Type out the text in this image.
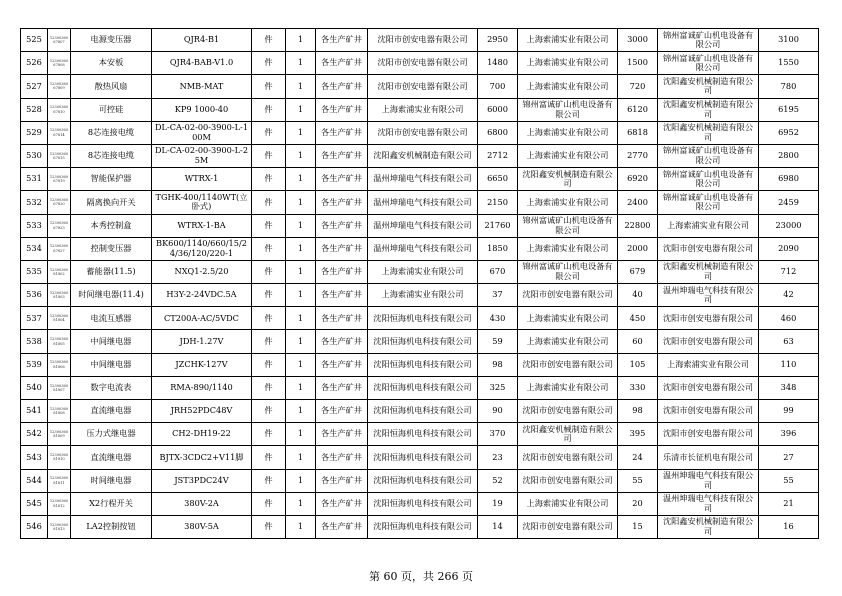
525	1230036067807	电源变压器	QJR4-B1	件	1	各生产矿井	沈阳市创安电器有限公司	2950	上海索浦实业有限公司	3000	锦州富诚矿山机电设备有限公司	3100
526	1230036067808	本安板	QJR4-BAB-V1.0	件	1	各生产矿井	沈阳市创安电器有限公司	1480	上海索浦实业有限公司	1500	锦州富诚矿山机电设备有限公司	1550
527	1230036067809	散热风扇	NMB-MAT	件	1	各生产矿井	沈阳市创安电器有限公司	700	上海索浦实业有限公司	720	沈阳鑫安机械制造有限公司	780
528	1230036067810	可控硅	KP9 1000-40	件	1	各生产矿井	上海索浦实业有限公司	6000	锦州富诚矿山机电设备有限公司	6120	沈阳鑫安机械制造有限公司	6195
529	1230036067814	8芯连接电缆	DL-CA-02-00-3900-L-100M	件	1	各生产矿井	沈阳市创安电器有限公司	6800	上海索浦实业有限公司	6818	沈阳鑫安机械制造有限公司	6952
530	1230036067815	8芯连接电缆	DL-CA-02-00-3900-L-25M	件	1	各生产矿井	沈阳鑫安机械制造有限公司	2712	上海索浦实业有限公司	2770	锦州富诚矿山机电设备有限公司	2800
531	1230036067819	智能保护器	WTRX-1	件	1	各生产矿井	温州坤瑞电气科技有限公司	6650	沈阳鑫安机械制造有限公司	6920	锦州富诚矿山机电设备有限公司	6980
532	1230036067820	隔离换向开关	TGHK-400/1140WT(立卧式)	件	1	各生产矿井	温州坤瑞电气科技有限公司	2150	上海索浦实业有限公司	2400	锦州富诚矿山机电设备有限公司	2459
533	1230036067823	本秀控制盒	WTRX-1-BA	件	1	各生产矿井	温州坤瑞电气科技有限公司	21760	锦州富诚矿山机电设备有限公司	22800	上海索浦实业有限公司	23000
534	1230036067827	控制变压器	BK600/1140/660/15/24/36/120/220-1	件	1	各生产矿井	温州坤瑞电气科技有限公司	1850	上海索浦实业有限公司	2000	沈阳市创安电器有限公司	2090
535	1230036081802	蓄能器(11.5)	NXQ1-2.5/20	件	1	各生产矿井	上海索浦实业有限公司	670	锦州富诚矿山机电设备有限公司	679	沈阳鑫安机械制造有限公司	712
536	1230036081803	时间继电器(11.4)	H3Y-2-24VDC.5A	件	1	各生产矿井	上海索浦实业有限公司	37	沈阳市创安电器有限公司	40	温州坤瑞电气科技有限公司	42
537	1230036081804	电流互感器	CT200A-AC/5VDC	件	1	各生产矿井	沈阳恒海机电科技有限公司	430	上海索浦实业有限公司	450	沈阳市创安电器有限公司	460
538	1230036081805	中间继电器	JDH-1.27V	件	1	各生产矿井	沈阳恒海机电科技有限公司	59	上海索浦实业有限公司	60	沈阳市创安电器有限公司	63
539	1230036081806	中间继电器	JZCHK-127V	件	1	各生产矿井	沈阳恒海机电科技有限公司	98	沈阳市创安电器有限公司	105	上海索浦实业有限公司	110
540	1230036081807	数字电流表	RMA-890/1140	件	1	各生产矿井	沈阳恒海机电科技有限公司	325	上海索浦实业有限公司	330	沈阳市创安电器有限公司	348
541	1230036081808	直流继电器	JRH52PDC48V	件	1	各生产矿井	沈阳恒海机电科技有限公司	90	沈阳市创安电器有限公司	98	沈阳市创安电器有限公司	99
542	1230036081809	压力式继电器	CH2-DH19-22	件	1	各生产矿井	沈阳恒海机电科技有限公司	370	沈阳鑫安机械制造有限公司	395	沈阳市创安电器有限公司	396
543	1230036081810	直流继电器	BJTX-3CDC2+V11脚	件	1	各生产矿井	沈阳恒海机电科技有限公司	23	沈阳市创安电器有限公司	24	乐清市长征机电有限公司	27
544	1230036081811	时间继电器	JST3PDC24V	件	1	各生产矿井	沈阳恒海机电科技有限公司	52	沈阳市创安电器有限公司	55	温州坤瑞电气科技有限公司	55
545	1230036081812	X2行程开关	380V-2A	件	1	各生产矿井	沈阳恒海机电科技有限公司	19	上海索浦实业有限公司	20	温州坤瑞电气科技有限公司	21
546	1230036081813	LA2控制按钮	380V-5A	件	1	各生产矿井	沈阳恒海机电科技有限公司	14	沈阳市创安电器有限公司	15	沈阳鑫安机械制造有限公司	16
第 60 页，共 266 页
